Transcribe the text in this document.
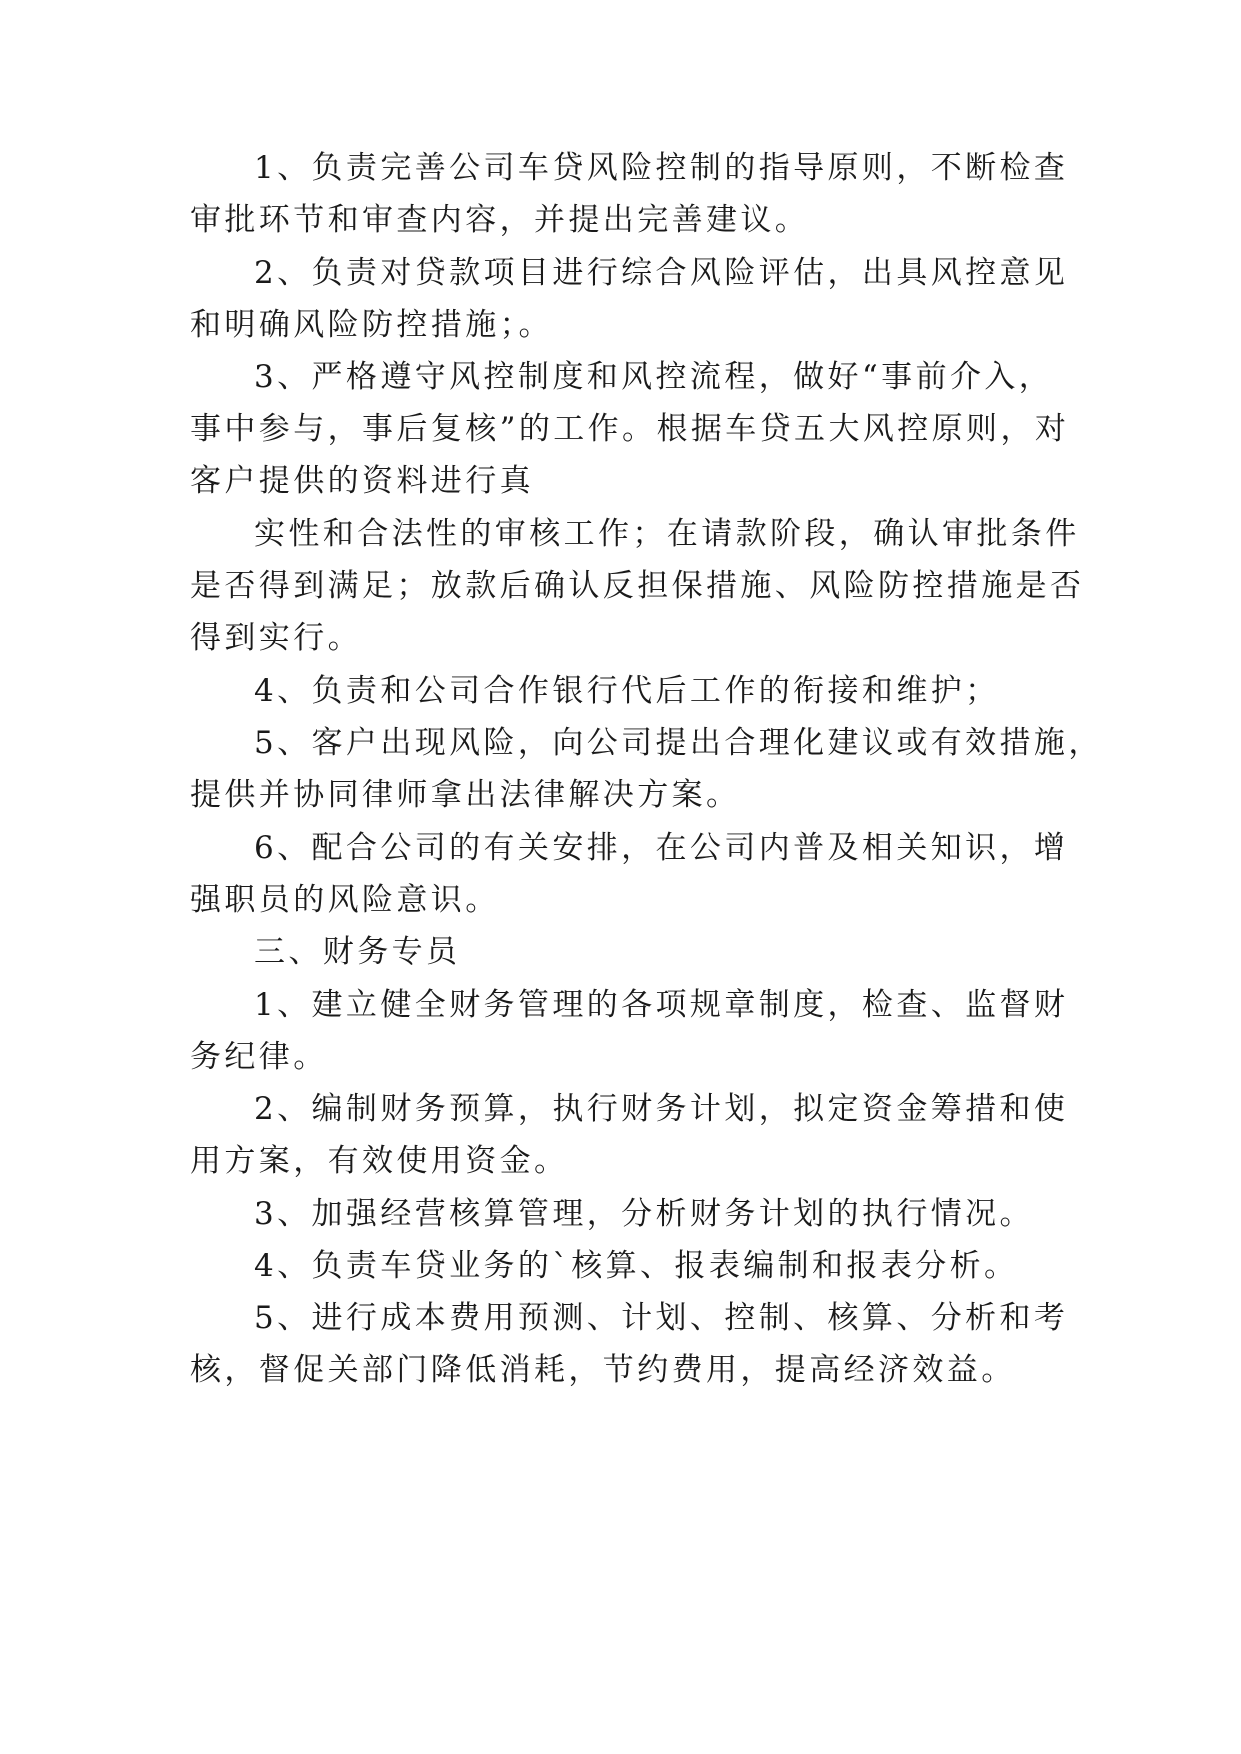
1、负责完善公司车贷风险控制的指导原则，不断检查
审批环节和审查内容，并提出完善建议。
2、负责对贷款项目进行综合风险评估，出具风控意见
和明确风险防控措施；。
3、严格遵守风控制度和风控流程，做好“事前介入，
事中参与，事后复核”的工作。根据车贷五大风控原则，对
客户提供的资料进行真
实性和合法性的审核工作；在请款阶段，确认审批条件
是否得到满足；放款后确认反担保措施、风险防控措施是否
得到实行。
4、负责和公司合作银行代后工作的衔接和维护；
5、客户出现风险，向公司提出合理化建议或有效措施，
提供并协同律师拿出法律解决方案。
6、配合公司的有关安排，在公司内普及相关知识，增
强职员的风险意识。
三、财务专员
1、建立健全财务管理的各项规章制度，检查、监督财
务纪律。
2、编制财务预算，执行财务计划，拟定资金筹措和使
用方案，有效使用资金。
3、加强经营核算管理，分析财务计划的执行情况。
4、负责车贷业务的`核算、报表编制和报表分析。
5、进行成本费用预测、计划、控制、核算、分析和考
核，督促关部门降低消耗，节约费用，提高经济效益。
